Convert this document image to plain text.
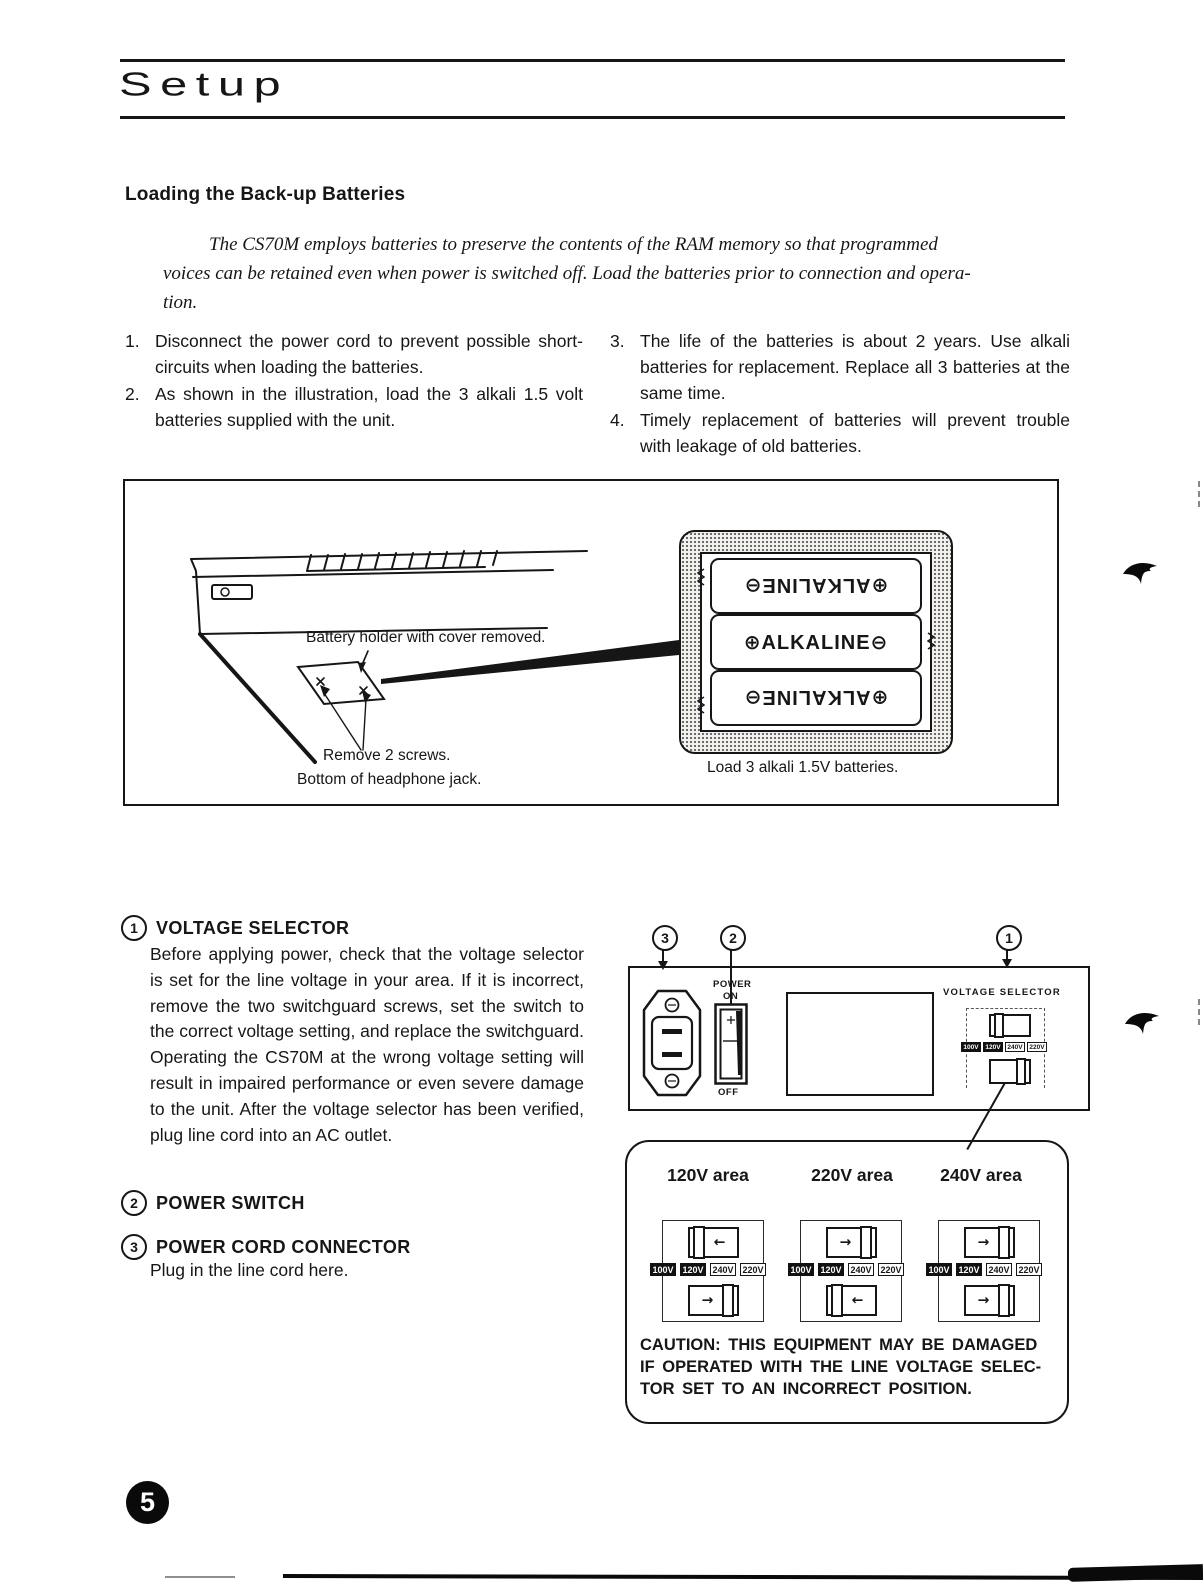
Setup
Loading the Back-up Batteries
The CS70M employs batteries to preserve the contents of the RAM memory so that programmed
voices can be retained even when power is switched off. Load the batteries prior to connection and opera-
tion.
1. Disconnect the power cord to prevent possible short-circuits when loading the batteries.
2. As shown in the illustration, load the 3 alkali 1.5 volt batteries supplied with the unit.
3. The life of the batteries is about 2 years. Use alkali batteries for replacement. Replace all 3 batteries at the same time.
4. Timely replacement of batteries will prevent trouble with leakage of old batteries.
Battery holder with cover removed.
Remove 2 screws.
Bottom of headphone jack.
⊕ALKALINE⊖
⊕ALKALINE⊖
⊕ALKALINE⊖
Load 3 alkali 1.5V batteries.
1	VOLTAGE SELECTOR
Before applying power, check that the voltage selector is set for the line voltage in your area. If it is incorrect, remove the two switchguard screws, set the switch to the correct voltage setting, and replace the switchguard. Operating the CS70M at the wrong voltage setting will result in impaired performance or even severe damage to the unit. After the voltage selector has been verified, plug line cord into an AC outlet.
2	POWER SWITCH
3	POWER CORD CONNECTOR
Plug in the line cord here.
3	2	1
POWER
ON
OFF
VOLTAGE SELECTOR
100V	120V	240V	220V
120V area	220V area	240V area
←
100V 120V 240V 220V
→
→
100V 120V 240V 220V
←
→
100V 120V 240V 220V
→
CAUTION: THIS EQUIPMENT MAY BE DAMAGED
IF OPERATED WITH THE LINE VOLTAGE SELEC-
TOR SET TO AN INCORRECT POSITION.
5
